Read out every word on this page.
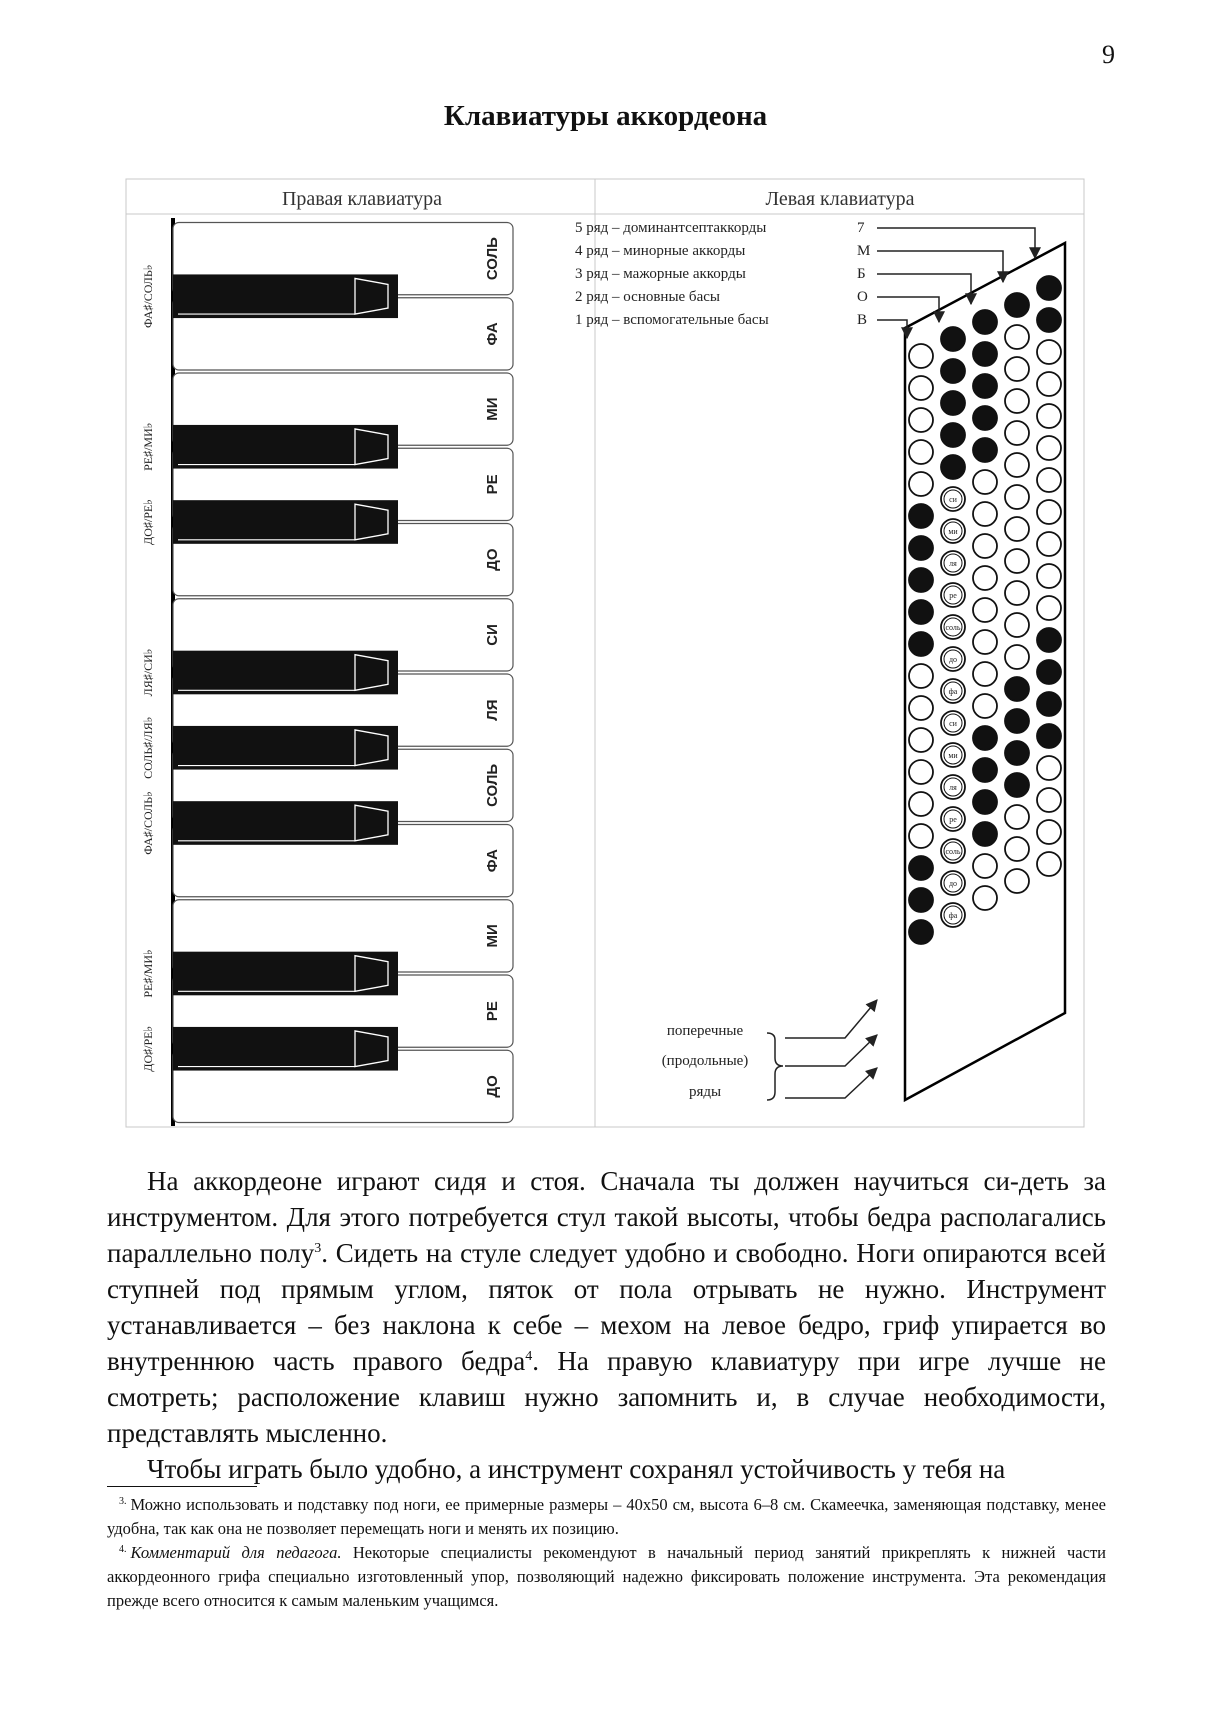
9
Клавиатуры аккордеона
Правая клавиатура	Левая клавиатура
ДО
РЕ
МИ
ФА
СОЛЬ
ЛЯ
СИ
ДО
РЕ
МИ
ФА
СОЛЬ
ДО♯/РЕ♭
РЕ♯/МИ♭
ФА♯/СОЛЬ♭
СОЛЬ♯/ЛЯ♭
ЛЯ♯/СИ♭
ДО♯/РЕ♭
РЕ♯/МИ♭
ФА♯/СОЛЬ♭
5 ряд – доминантсептаккорды	7
4 ряд – минорные аккорды	М
3 ряд – мажорные аккорды	Б
2 ряд – основные басы	О
1 ряд – вспомогательные басы	В
си
ми
ля
ре
соль
до
фа
си
ми
ля
ре
соль
до
фа
поперечные
(продольные)
ряды

На аккордеоне играют сидя и стоя. Сначала ты должен научиться си-деть за инструментом. Для этого потребуется стул такой высоты, чтобы бедра располагались параллельно полу$^3$. Сидеть на стуле следует удобно и свободно. Ноги опираются всей ступней под прямым углом, пяток от пола отрывать не нужно. Инструмент устанавливается – без наклона к себе – мехом на левое бедро, гриф упирается во внутреннюю часть правого бедра$^4$. На правую клавиатуру при игре лучше не смотреть; расположение клавиш нужно запомнить и, в случае необходимости, представлять мысленно.

Чтобы играть было удобно, а инструмент сохранял устойчивость у тебя на

$^{3.}$ Можно использовать и подставку под ноги, ее примерные размеры – 40х50 см, высота 6–8 см. Скамеечка, заменяющая подставку, менее удобна, так как она не позволяет перемещать ноги и менять их позицию.

$^{4.}$ Комментарий для педагога. Некоторые специалисты рекомендуют в начальный период занятий прикреплять к нижней части аккордеонного грифа специально изготовленный упор, позволяющий надежно фиксировать положение инструмента. Эта рекомендация прежде всего относится к самым маленьким учащимся.
